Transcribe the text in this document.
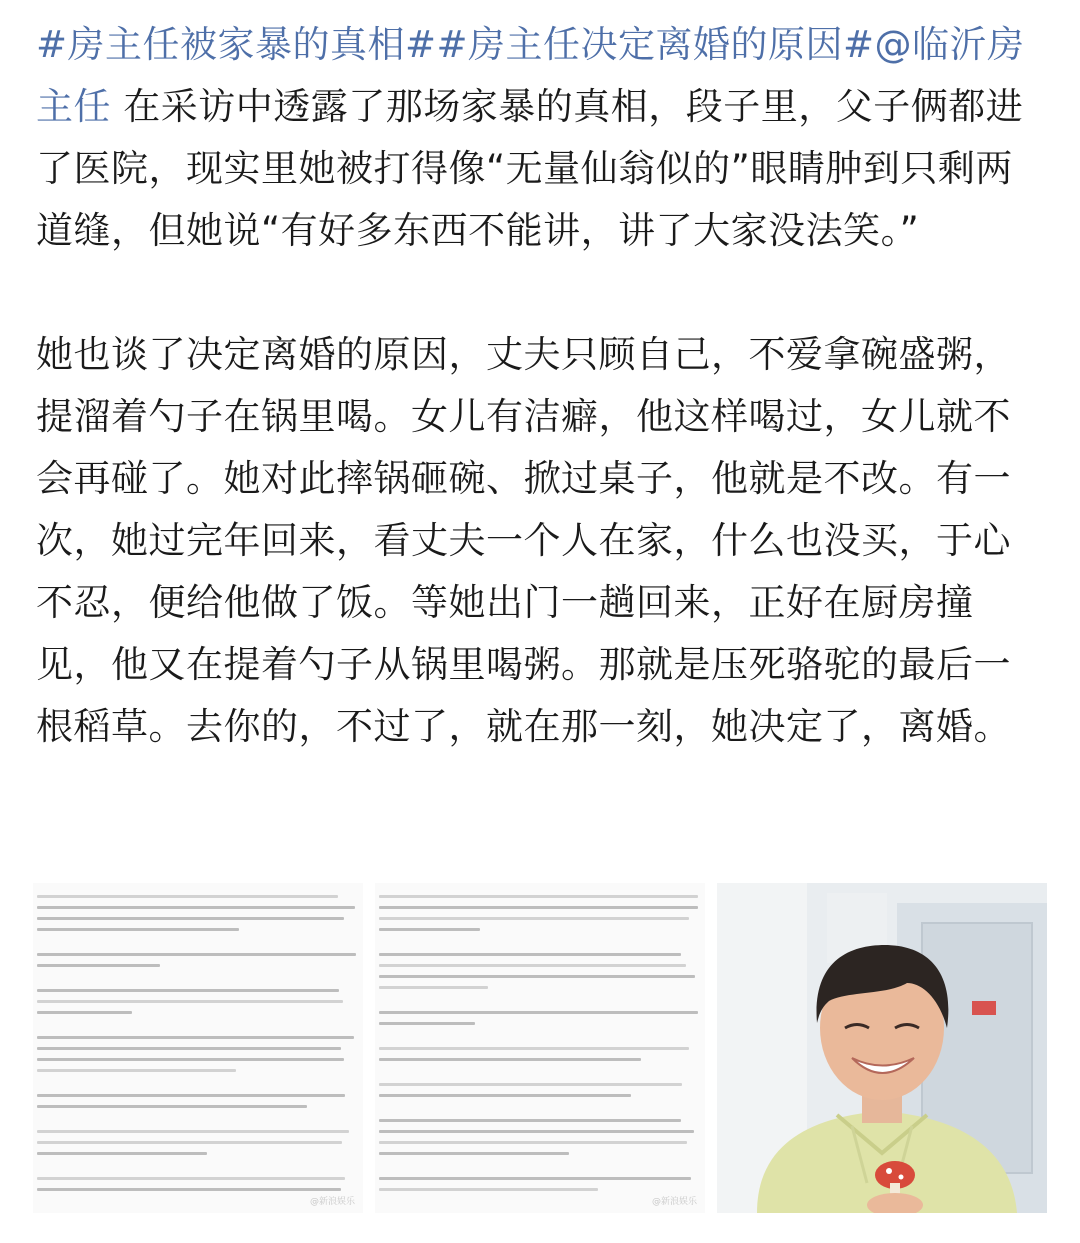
#房主任被家暴的真相##房主任决定离婚的原因#@临沂房主任 在采访中透露了那场家暴的真相，段子里，父子俩都进了医院，现实里她被打得像“无量仙翁似的”眼睛肿到只剩两道缝，但她说“有好多东西不能讲，讲了大家没法笑。”

她也谈了决定离婚的原因，丈夫只顾自己，不爱拿碗盛粥，提溜着勺子在锅里喝。女儿有洁癖，他这样喝过，女儿就不会再碰了。她对此摔锅砸碗、掀过桌子，他就是不改。有一次，她过完年回来，看丈夫一个人在家，什么也没买，于心不忍，便给他做了饭。等她出门一趟回来，正好在厨房撞见，他又在提着勺子从锅里喝粥。那就是压死骆驼的最后一根稻草。去你的，不过了，就在那一刻，她决定了，离婚。

@新浪娱乐	@新浪娱乐
